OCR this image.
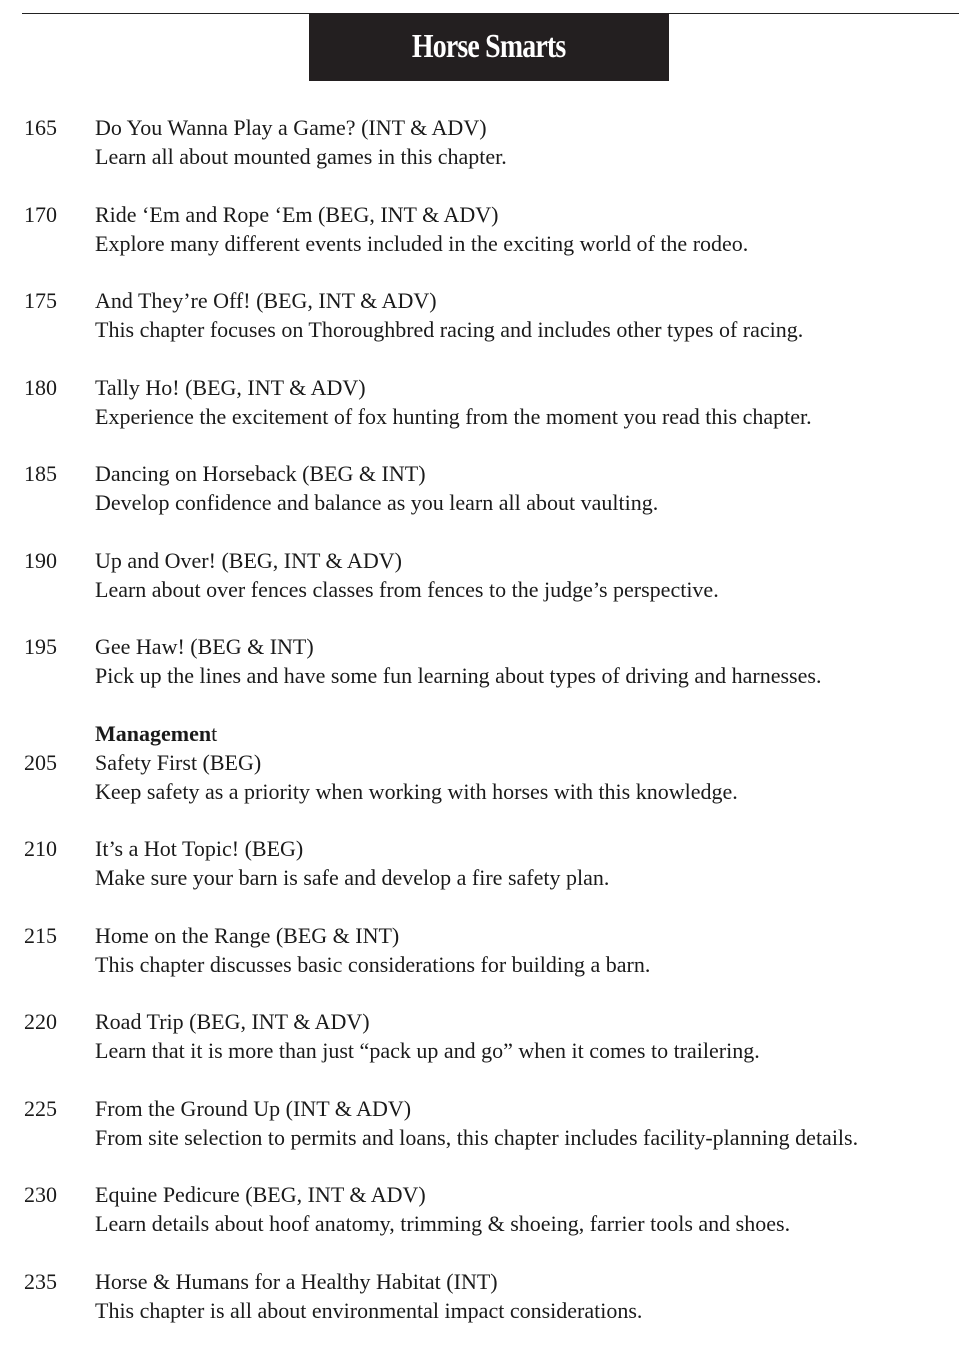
Horse Smarts
165	Do You Wanna Play a Game? (INT & ADV)
Learn all about mounted games in this chapter.
170	Ride ‘Em and Rope ‘Em (BEG, INT & ADV)
Explore many different events included in the exciting world of the rodeo.
175	And They’re Off! (BEG, INT & ADV)
This chapter focuses on Thoroughbred racing and includes other types of racing.
180	Tally Ho! (BEG, INT & ADV)
Experience the excitement of fox hunting from the moment you read this chapter.
185	Dancing on Horseback (BEG & INT)
Develop confidence and balance as you learn all about vaulting.
190	Up and Over! (BEG, INT & ADV)
Learn about over fences classes from fences to the judge’s perspective.
195	Gee Haw! (BEG & INT)
Pick up the lines and have some fun learning about types of driving and harnesses.
Management
205	Safety First (BEG)
Keep safety as a priority when working with horses with this knowledge.
210	It’s a Hot Topic! (BEG)
Make sure your barn is safe and develop a fire safety plan.
215	Home on the Range (BEG & INT)
This chapter discusses basic considerations for building a barn.
220	Road Trip (BEG, INT & ADV)
Learn that it is more than just “pack up and go” when it comes to trailering.
225	From the Ground Up (INT & ADV)
From site selection to permits and loans, this chapter includes facility-planning details.
230	Equine Pedicure (BEG, INT & ADV)
Learn details about hoof anatomy, trimming & shoeing, farrier tools and shoes.
235	Horse & Humans for a Healthy Habitat (INT)
This chapter is all about environmental impact considerations.
